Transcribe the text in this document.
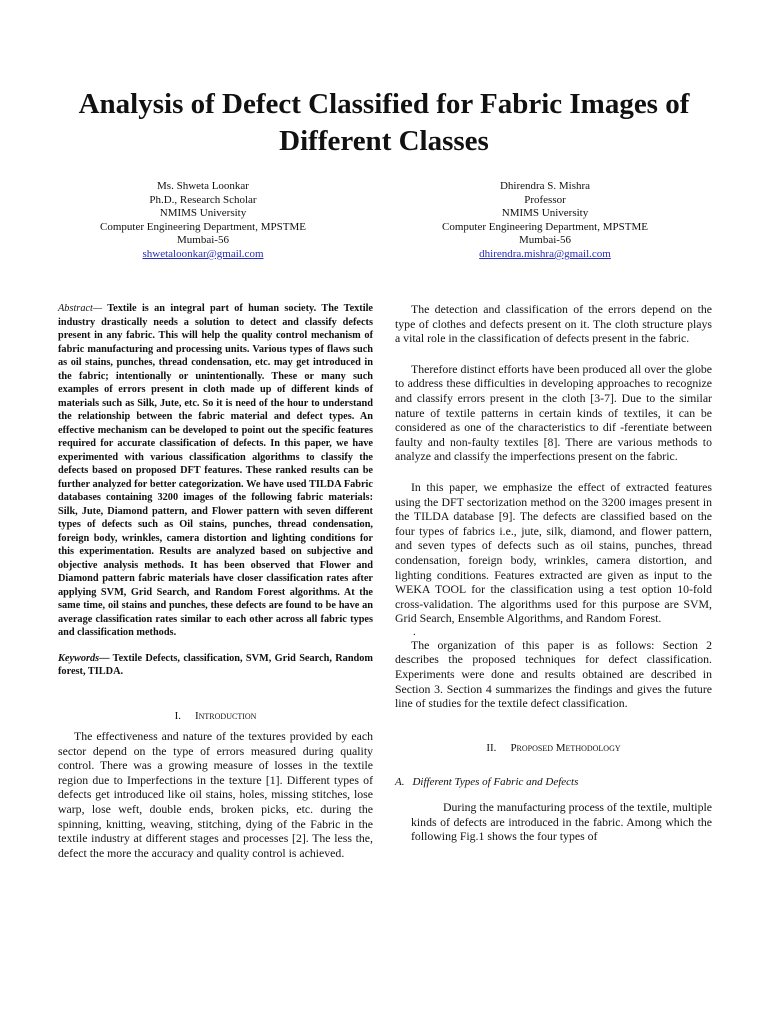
Analysis of Defect Classified for Fabric Images of Different Classes
Ms. Shweta Loonkar
Ph.D., Research Scholar
NMIMS University
Computer Engineering Department, MPSTME
Mumbai-56
shwetaloonkar@gmail.com
Dhirendra S. Mishra
Professor
NMIMS University
Computer Engineering Department, MPSTME
Mumbai-56
dhirendra.mishra@gmail.com

Abstract— Textile is an integral part of human society. The Textile industry drastically needs a solution to detect and classify defects present in any fabric. This will help the quality control mechanism of fabric manufacturing and processing units. Various types of flaws such as oil stains, punches, thread condensation, etc. may get introduced in the fabric; intentionally or unintentionally. These or many such examples of errors present in cloth made up of different kinds of materials such as Silk, Jute, etc. So it is need of the hour to understand the relationship between the fabric material and defect types. An effective mechanism can be developed to point out the specific features required for accurate classification of defects. In this paper, we have experimented with various classification algorithms to classify the defects based on proposed DFT features. These ranked results can be further analyzed for better categorization. We have used TILDA Fabric databases containing 3200 images of the following fabric materials: Silk, Jute, Diamond pattern, and Flower pattern with seven different types of defects such as Oil stains, punches, thread condensation, foreign body, wrinkles, camera distortion and lighting conditions for this experimentation. Results are analyzed based on subjective and objective analysis methods. It has been observed that Flower and Diamond pattern fabric materials have closer classification rates after applying SVM, Grid Search, and Random Forest algorithms. At the same time, oil stains and punches, these defects are found to be have an average classification rates similar to each other across all fabric types and classification methods.

Keywords— Textile Defects, classification, SVM, Grid Search, Random forest, TILDA.

I. Introduction

The effectiveness and nature of the textures provided by each sector depend on the type of errors measured during quality control. There was a growing measure of losses in the textile region due to Imperfections in the texture [1]. Different types of defects get introduced like oil stains, holes, missing stitches, lose warp, lose weft, double ends, broken picks, etc. during the spinning, knitting, weaving, stitching, dying of the Fabric in the textile industry at different stages and processes [2]. The less the, defect the more the accuracy and quality control is achieved.

The detection and classification of the errors depend on the type of clothes and defects present on it. The cloth structure plays a vital role in the classification of defects present in the fabric.

Therefore distinct efforts have been produced all over the globe to address these difficulties in developing approaches to recognize and classify errors present in the cloth [3-7]. Due to the similar nature of textile patterns in certain kinds of textiles, it can be considered as one of the characteristics to dif -ferentiate between faulty and non-faulty textiles [8]. There are various methods to analyze and classify the imperfections present on the fabric.

In this paper, we emphasize the effect of extracted features using the DFT sectorization method on the 3200 images present in the TILDA database [9]. The defects are classified based on the four types of fabrics i.e., jute, silk, diamond, and flower pattern, and seven types of defects such as oil stains, punches, thread condensation, foreign body, wrinkles, camera distortion, and lighting conditions. Features extracted are given as input to the WEKA TOOL for the classification using a test option 10-fold cross-validation. The algorithms used for this purpose are SVM, Grid Search, Ensemble Algorithms, and Random Forest.

.

The organization of this paper is as follows: Section 2 describes the proposed techniques for defect classification. Experiments were done and results obtained are described in Section 3. Section 4 summarizes the findings and gives the future line of studies for the textile defect classification.

II. Proposed Methodology
A. Different Types of Fabric and Defects

During the manufacturing process of the textile, multiple kinds of defects are introduced in the fabric. Among which the following Fig.1 shows the four types of
